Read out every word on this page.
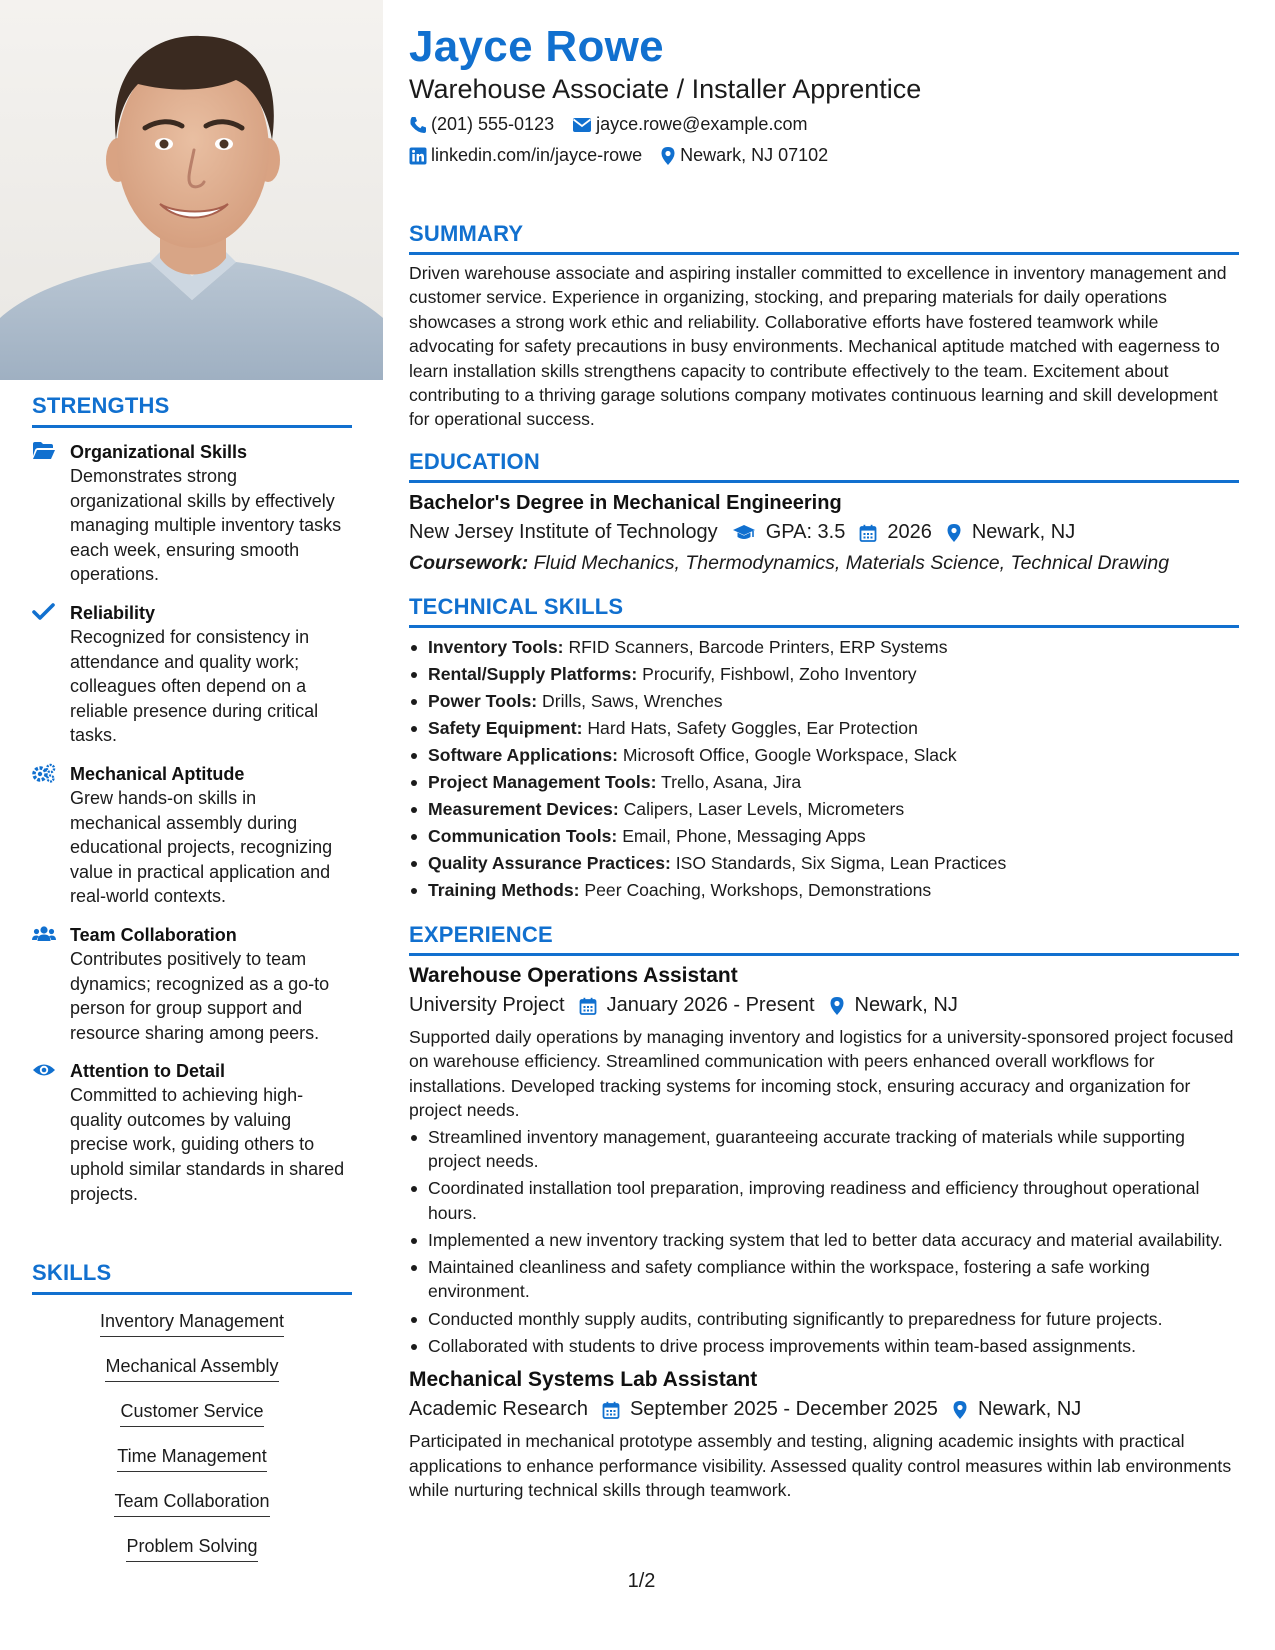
STRENGTHS
Organizational Skills
Demonstrates strong organizational skills by effectively managing multiple inventory tasks each week, ensuring smooth operations.
Reliability
Recognized for consistency in attendance and quality work; colleagues often depend on a reliable presence during critical tasks.
Mechanical Aptitude
Grew hands-on skills in mechanical assembly during educational projects, recognizing value in practical application and real-world contexts.
Team Collaboration
Contributes positively to team dynamics; recognized as a go-to person for group support and resource sharing among peers.
Attention to Detail
Committed to achieving high-quality outcomes by valuing precise work, guiding others to uphold similar standards in shared projects.
SKILLS
Inventory Management
Mechanical Assembly
Customer Service
Time Management
Team Collaboration
Problem Solving
Jayce Rowe
Warehouse Associate / Installer Apprentice
(201) 555-0123 jayce.rowe@example.com
linkedin.com/in/jayce-rowe Newark, NJ 07102
SUMMARY
Driven warehouse associate and aspiring installer committed to excellence in inventory management and customer service. Experience in organizing, stocking, and preparing materials for daily operations showcases a strong work ethic and reliability. Collaborative efforts have fostered teamwork while advocating for safety precautions in busy environments. Mechanical aptitude matched with eagerness to learn installation skills strengthens capacity to contribute effectively to the team. Excitement about contributing to a thriving garage solutions company motivates continuous learning and skill development for operational success.
EDUCATION
Bachelor's Degree in Mechanical Engineering
New Jersey Institute of Technology GPA: 3.5 2026 Newark, NJ
Coursework: Fluid Mechanics, Thermodynamics, Materials Science, Technical Drawing
TECHNICAL SKILLS
Inventory Tools: RFID Scanners, Barcode Printers, ERP Systems
Rental/Supply Platforms: Procurify, Fishbowl, Zoho Inventory
Power Tools: Drills, Saws, Wrenches
Safety Equipment: Hard Hats, Safety Goggles, Ear Protection
Software Applications: Microsoft Office, Google Workspace, Slack
Project Management Tools: Trello, Asana, Jira
Measurement Devices: Calipers, Laser Levels, Micrometers
Communication Tools: Email, Phone, Messaging Apps
Quality Assurance Practices: ISO Standards, Six Sigma, Lean Practices
Training Methods: Peer Coaching, Workshops, Demonstrations
EXPERIENCE
Warehouse Operations Assistant
University Project January 2026 - Present Newark, NJ
Supported daily operations by managing inventory and logistics for a university-sponsored project focused on warehouse efficiency. Streamlined communication with peers enhanced overall workflows for installations. Developed tracking systems for incoming stock, ensuring accuracy and organization for project needs.
Streamlined inventory management, guaranteeing accurate tracking of materials while supporting project needs.
Coordinated installation tool preparation, improving readiness and efficiency throughout operational hours.
Implemented a new inventory tracking system that led to better data accuracy and material availability.
Maintained cleanliness and safety compliance within the workspace, fostering a safe working environment.
Conducted monthly supply audits, contributing significantly to preparedness for future projects.
Collaborated with students to drive process improvements within team-based assignments.
Mechanical Systems Lab Assistant
Academic Research September 2025 - December 2025 Newark, NJ
Participated in mechanical prototype assembly and testing, aligning academic insights with practical applications to enhance performance visibility. Assessed quality control measures within lab environments while nurturing technical skills through teamwork.
1/2
